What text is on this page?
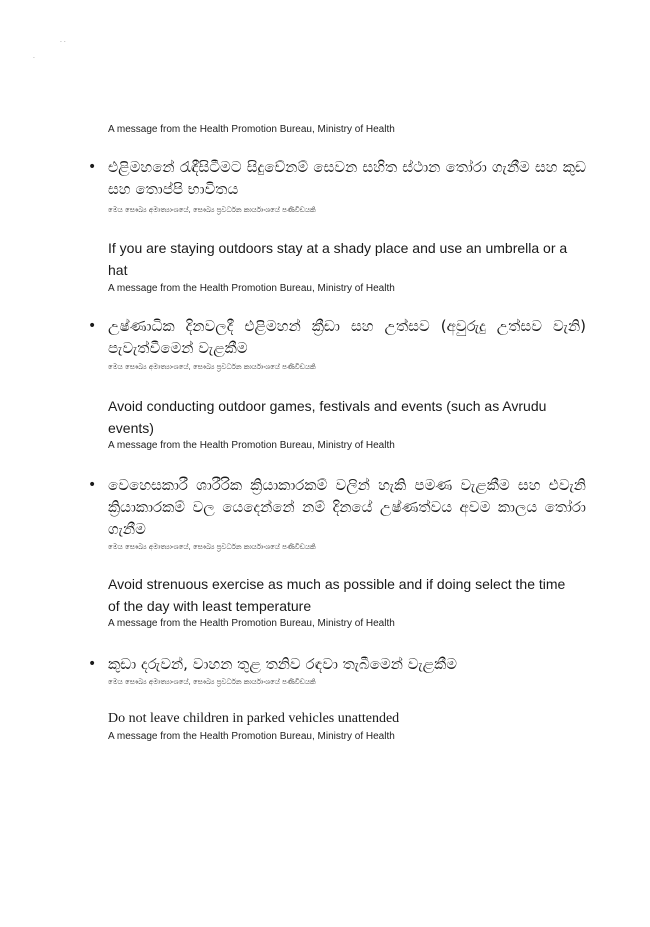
· ·
·
A message from the Health Promotion Bureau, Ministry of Health
• එළිමහනේ රැඳීසිටීමට සිදුවේනම් සෙවන සහිත ස්ථාන තෝරා ගැනීම සහ කුඩ සහ තොප්පි භාවිතය
මෙය සෞඛ්‍ය අමාත්‍යාංශයේ, සෞඛ්‍ය ප්‍රවර්ධන කාර්යාංශයේ පණිවිඩයකි
If you are staying outdoors stay at a shady place and use an umbrella or a hat
A message from the Health Promotion Bureau, Ministry of Health
• උෂ්ණාධික දිනවලදී එළිමහන් ක්‍රීඩා සහ උත්සව (අවුරුදු උත්සව වැනි) පැවැත්වීමෙන් වැළකීම
මෙය සෞඛ්‍ය අමාත්‍යාංශයේ, සෞඛ්‍ය ප්‍රවර්ධන කාර්යාංශයේ පණිවිඩයකි
Avoid conducting outdoor games, festivals and events (such as Avrudu events)
A message from the Health Promotion Bureau, Ministry of Health
• වෙහෙසකාරී ශාරීරික ක්‍රියාකාරකම් වලින් හැකි පමණ වැළකීම සහ එවැනි ක්‍රියාකාරකම් වල යෙදෙන්නේ නම් දිනයේ උෂ්ණත්වය අවම කාලය තෝරා ගැනීම
මෙය සෞඛ්‍ය අමාත්‍යාංශයේ, සෞඛ්‍ය ප්‍රවර්ධන කාර්යාංශයේ පණිවිඩයකි
Avoid strenuous exercise as much as possible and if doing select the time of the day with least temperature
A message from the Health Promotion Bureau, Ministry of Health
• කුඩා දරුවන්, වාහන තුළ තනිව රඳවා තැබීමෙන් වැළකීම
මෙය සෞඛ්‍ය අමාත්‍යාංශයේ, සෞඛ්‍ය ප්‍රවර්ධන කාර්යාංශයේ පණිවිඩයකි
Do not leave children in parked vehicles unattended
A message from the Health Promotion Bureau, Ministry of Health
